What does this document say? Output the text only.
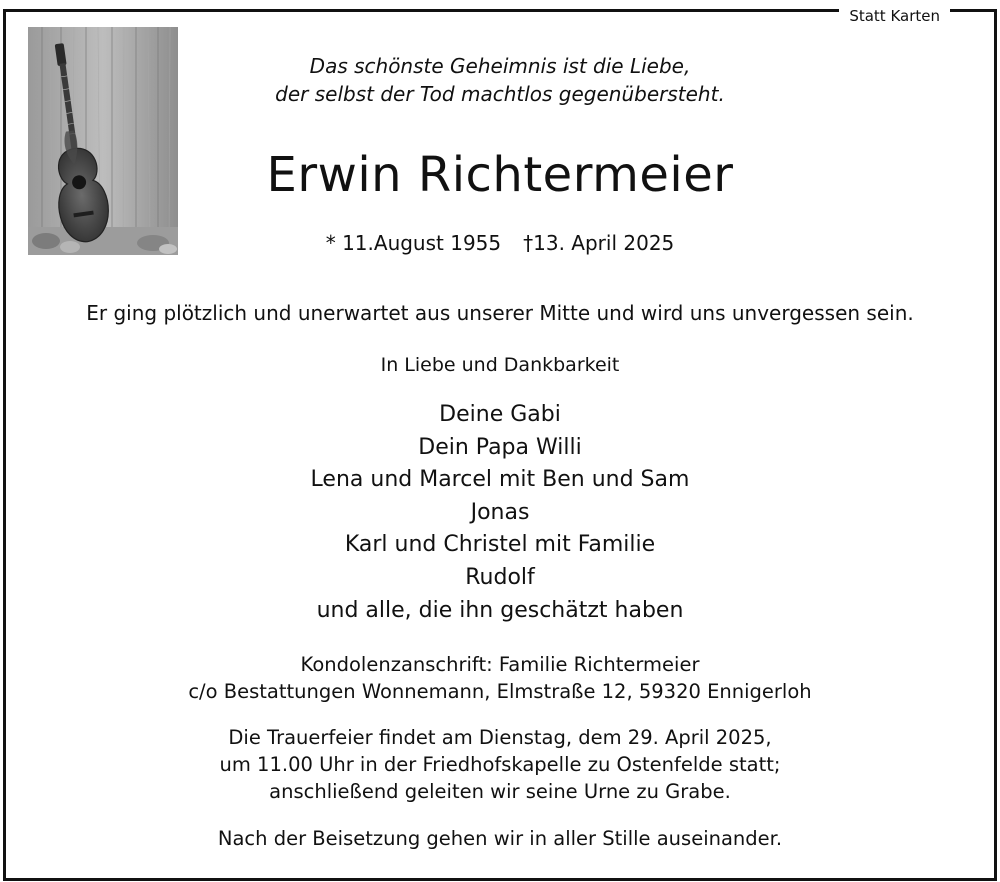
Statt Karten
Das schönste Geheimnis ist die Liebe,
der selbst der Tod machtlos gegenübersteht.
Erwin Richtermeier
* 11.August 1955 †13. April 2025
Er ging plötzlich und unerwartet aus unserer Mitte und wird uns unvergessen sein.
In Liebe und Dankbarkeit
Deine Gabi
Dein Papa Willi
Lena und Marcel mit Ben und Sam
Jonas
Karl und Christel mit Familie
Rudolf
und alle, die ihn geschätzt haben
Kondolenzanschrift: Familie Richtermeier
c/o Bestattungen Wonnemann, Elmstraße 12, 59320 Ennigerloh
Die Trauerfeier findet am Dienstag, dem 29. April 2025,
um 11.00 Uhr in der Friedhofskapelle zu Ostenfelde statt;
anschließend geleiten wir seine Urne zu Grabe.
Nach der Beisetzung gehen wir in aller Stille auseinander.
